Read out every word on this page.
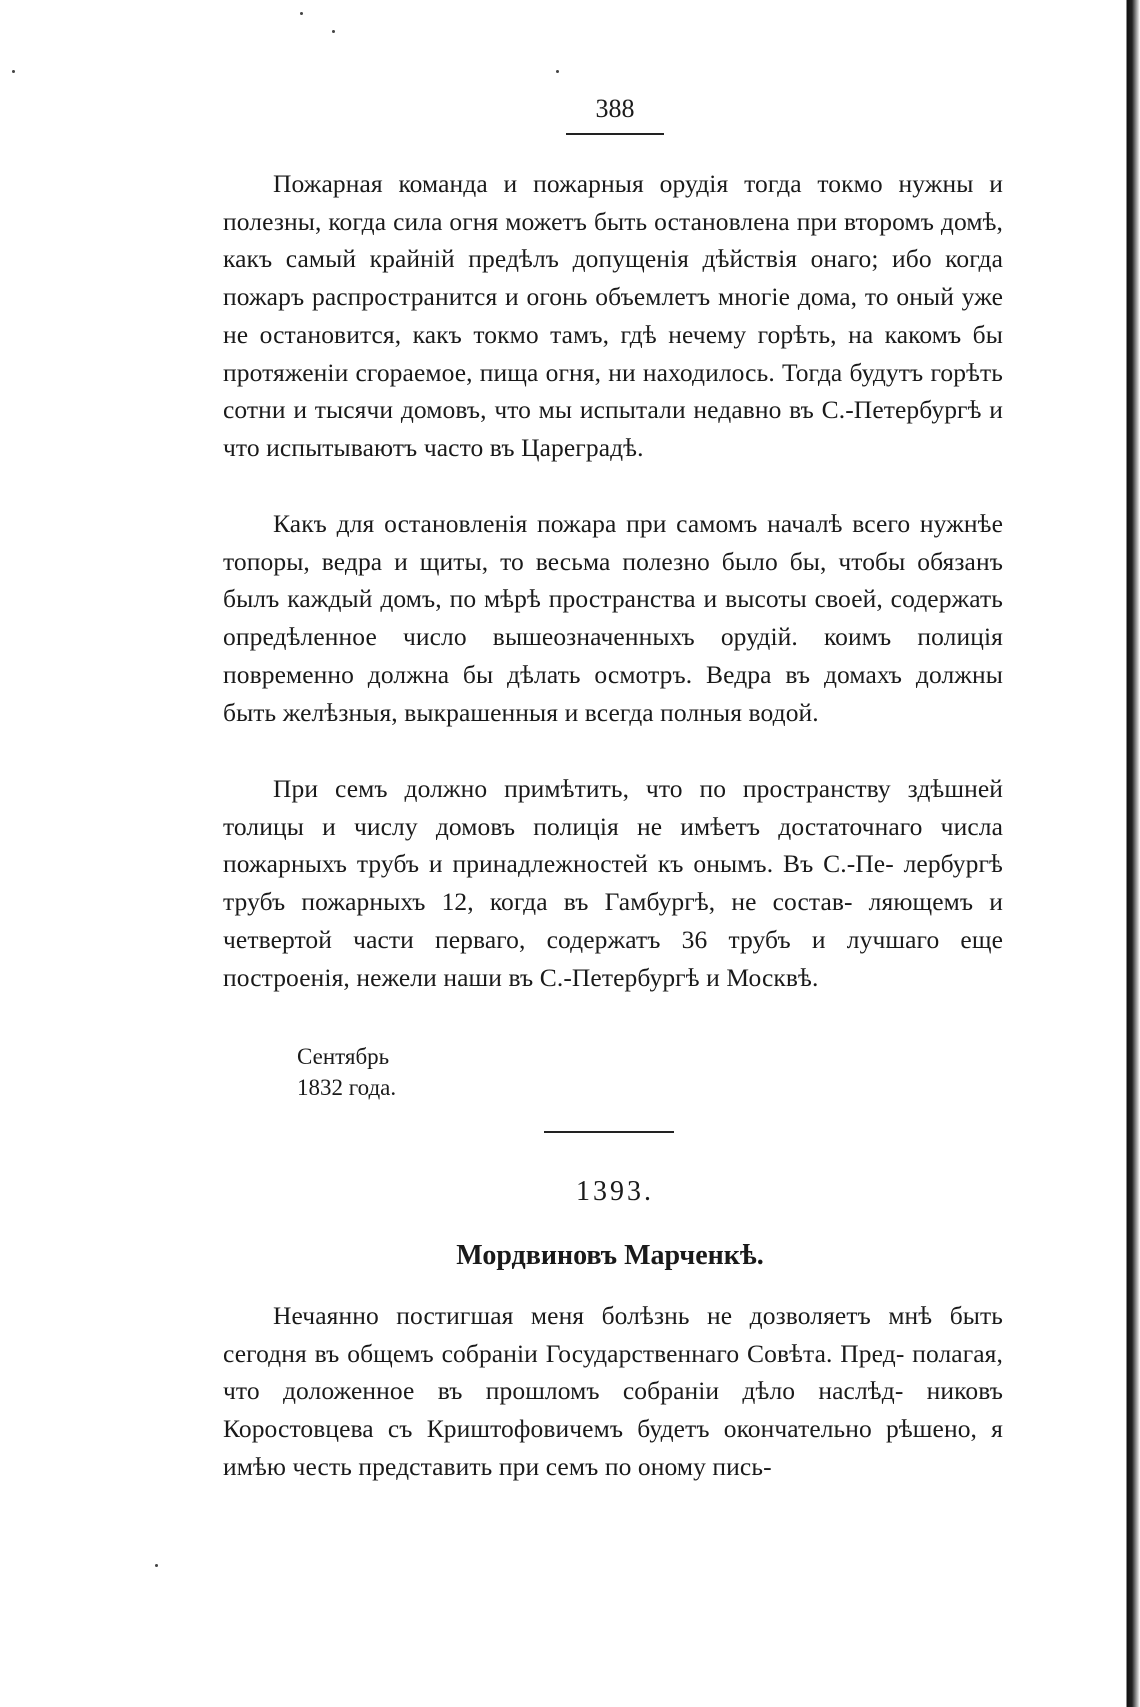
388

Пожарная команда и пожарныя орудія тогда токмо нужны и полезны, когда сила огня можетъ быть остановлена при второмъ домѣ, какъ самый крайній предѣлъ допущенія дѣйствія онаго; ибо когда пожаръ распространится и огонь объемлетъ многіе дома, то оный уже не остановится, какъ токмо тамъ, гдѣ нечему горѣть, на какомъ бы протяженіи сгораемое, пища огня, ни находилось. Тогда будутъ горѣть сотни и тысячи домовъ, что мы испытали недавно въ С.-Петербургѣ и что испытываютъ часто въ Цареградѣ.

Какъ для остановленія пожара при самомъ началѣ всего нужнѣе топоры, ведра и щиты, то весьма полезно было бы, чтобы обязанъ былъ каждый домъ, по мѣрѣ пространства и высоты своей, содержать опредѣленное число вышеозначенныхъ орудій. коимъ полиція повременно должна бы дѣлать осмотръ. Ведра въ домахъ должны быть желѣзныя, выкрашенныя и всегда полныя водой.

При семъ должно примѣтить, что по пространству здѣшней толицы и числу домовъ полиція не имѣетъ достаточнаго числа пожарныхъ трубъ и принадлежностей къ онымъ. Въ С.-Пе- лербургѣ трубъ пожарныхъ 12, когда въ Гамбургѣ, не состав- ляющемъ и четвертой части перваго, содержатъ 36 трубъ и лучшаго еще построенія, нежели наши въ С.-Петербургѣ и Москвѣ.

Сентябрь
1832 года.
1393.
Мордвиновъ Марченкѣ.

Нечаянно постигшая меня болѣзнь не дозволяетъ мнѣ быть сегодня въ общемъ собраніи Государственнаго Совѣта. Пред- полагая, что доложенное въ прошломъ собраніи дѣло наслѣд- никовъ Коростовцева съ Криштофовичемъ будетъ окончательно рѣшено, я имѣю честь представить при семъ по оному пись-
